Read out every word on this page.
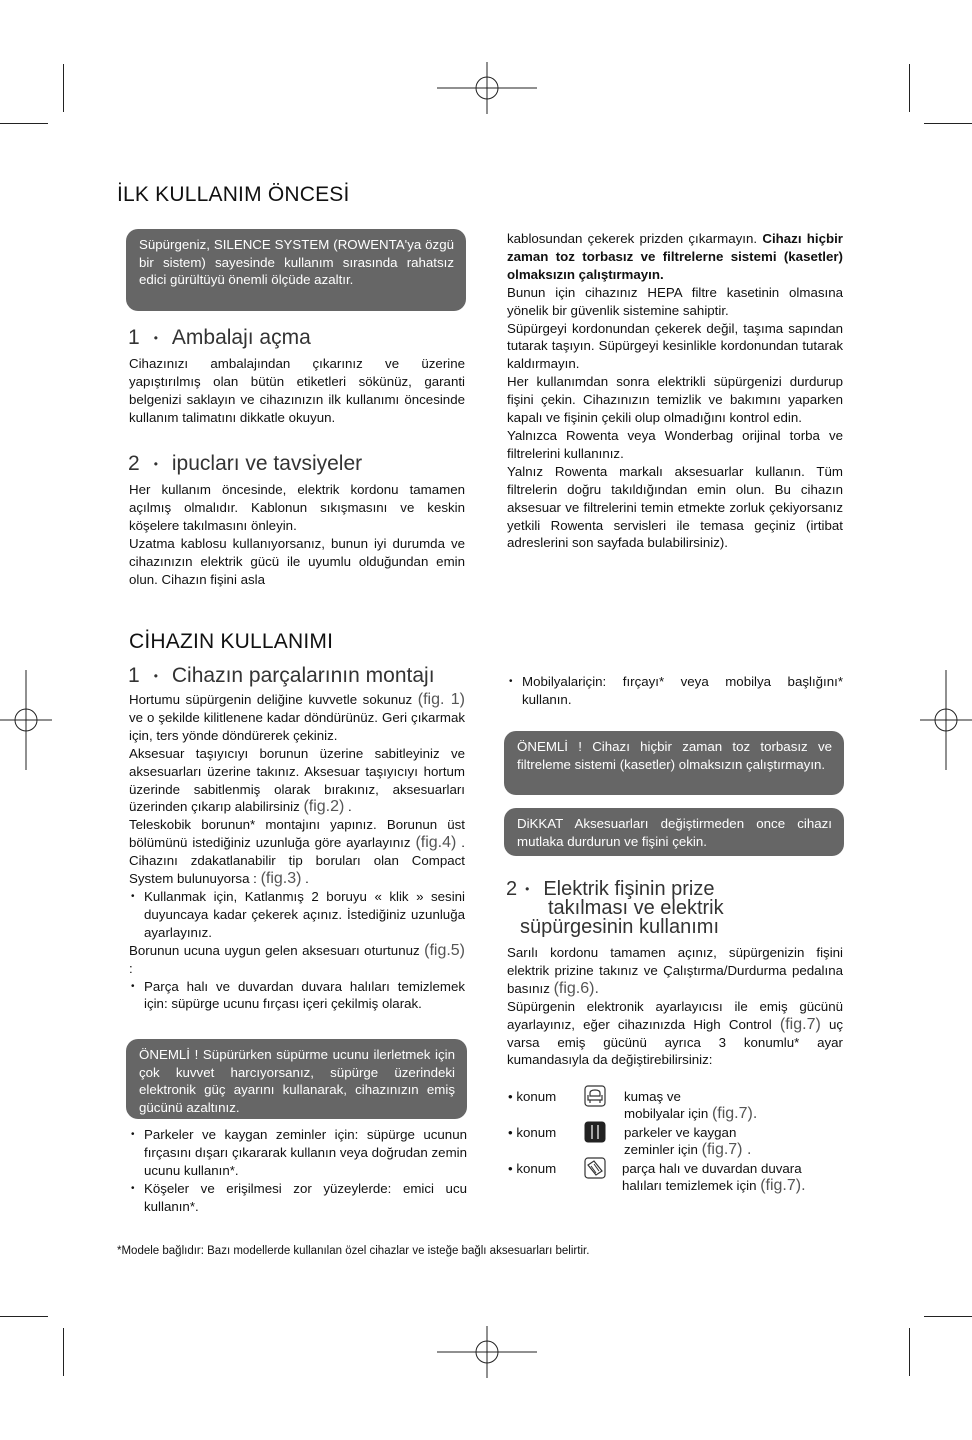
İLK KULLANIM ÖNCESİ
Süpürgeniz, SILENCE SYSTEM (ROWENTA'ya özgü bir sistem) sayesinde kullanım sırasında rahatsız edici gürültüyü önemli ölçüde azaltır.
1 • Ambalajı açma

Cihazınızı ambalajından çıkarınız ve üzerine yapıştırılmış olan bütün etiketleri sökünüz, garanti belgenizi saklayın ve cihazınızın ilk kullanımı öncesinde kullanım talimatını dikkatle okuyun.

2 • ipucları ve tavsiyeler

Her kullanım öncesinde, elektrik kordonu tamamen açılmış olmalıdır. Kablonun sıkışmasını ve keskin köşelere takılmasını önleyin.

Uzatma kablosu kullanıyorsanız, bunun iyi durumda ve cihazınızın elektrik gücü ile uyumlu olduğundan emin olun. Cihazın fişini asla

kablosundan çekerek prizden çıkarmayın. Cihazı hiçbir zaman toz torbasız ve filtrelerne sistemi (kasetler) olmaksızın çalıştırmayın.

Bunun için cihazınız HEPA filtre kasetinin olmasına yönelik bir güvenlik sistemine sahiptir.

Süpürgeyi kordonundan çekerek değil, taşıma sapından tutarak taşıyın. Süpürgeyi kesinlikle kordonundan tutarak kaldırmayın.

Her kullanımdan sonra elektrikli süpürgenizi durdurup fişini çekin. Cihazınızın temizlik ve bakımını yaparken kapalı ve fişinin çekili olup olmadığını kontrol edin.

Yalnızca Rowenta veya Wonderbag orijinal torba ve filtrelerini kullanınız.

Yalnız Rowenta markalı aksesuarlar kullanın. Tüm filtrelerin doğru takıldığından emin olun. Bu cihazın aksesuar ve filtrelerini temin etmekte zorluk çekiyorsanız yetkili Rowenta servisleri ile temasa geçiniz (irtibat adreslerini son sayfada bulabilirsiniz).

CİHAZIN KULLANIMI
1 • Cihazın parçalarının montajı

Hortumu süpürgenin deliğine kuvvetle sokunuz (fig. 1) ve o şekilde kilitlenene kadar döndürünüz. Geri çıkarmak için, ters yönde döndürerek çekiniz.

Aksesuar taşıyıcıyı borunun üzerine sabitleyiniz ve aksesuarları üzerine takınız. Aksesuar taşıyıcıyı hortum üzerinde sabitlenmiş olarak bırakınız, aksesuarları üzerinden çıkarıp alabilirsiniz (fig.2) .

Teleskobik borunun* montajını yapınız. Borunun üst bölümünü istediğiniz uzunluğa göre ayarlayınız (fig.4) . Cihazını zdakatlanabilir tip boruları olan Compact System bulunuyorsa : (fig.3) .

• Kullanmak için, Katlanmış 2 boruyu « klik » sesini duyuncaya kadar çekerek açınız. İstediğiniz uzunluğa ayarlayınız.

Borunun ucuna uygun gelen aksesuarı oturtunuz (fig.5) :

• Parça halı ve duvardan duvara halıları temizlemek için: süpürge ucunu fırçası içeri çekilmiş olarak.
ÖNEMLİ ! Süpürürken süpürme ucunu ilerletmek için çok kuvvet harcıyorsanız, süpürge üzerindeki elektronik güç ayarını kullanarak, cihazınızın emiş gücünü azaltınız.
• Parkeler ve kaygan zeminler için: süpürge ucunun fırçasını dışarı çıkararak kullanın veya doğrudan zemin ucunu kullanın*.
• Köşeler ve erişilmesi zor yüzeylerde: emici ucu kullanın*.
• Mobilyalariçin: fırçayı* veya mobilya başlığını* kullanın.
ÖNEMLİ ! Cihazı hiçbir zaman toz torbasız ve filtreleme sistemi (kasetler) olmaksızın çalıştırmayın.
DiKKAT Aksesuarları değiştirmeden once cihazı mutlaka durdurun ve fişini çekin.
2 • Elektrik fişinin prize
takılması ve elektrik
süpürgesinin kullanımı

Sarılı kordonu tamamen açınız, süpürgenizin fişini elektrik prizine takınız ve Çalıştırma/Durdurma pedalına basınız (fig.6).

Süpürgenin elektronik ayarlayıcısı ile emiş gücünü ayarlayınız, eğer cihazınızda High Control (fig.7) uç varsa emiş gücünü ayrıca 3 konumlu* ayar kumandasıyla da değiştirebilirsiniz:

• konum	kumaş ve
mobilyalar için (fig.7).
• konum	parkeler ve kaygan
zeminler için (fig.7) .
• konum	parça halı ve duvardan duvara
halıları temizlemek için (fig.7).
*Modele bağlıdır: Bazı modellerde kullanılan özel cihazlar ve isteğe bağlı aksesuarları belirtir.
